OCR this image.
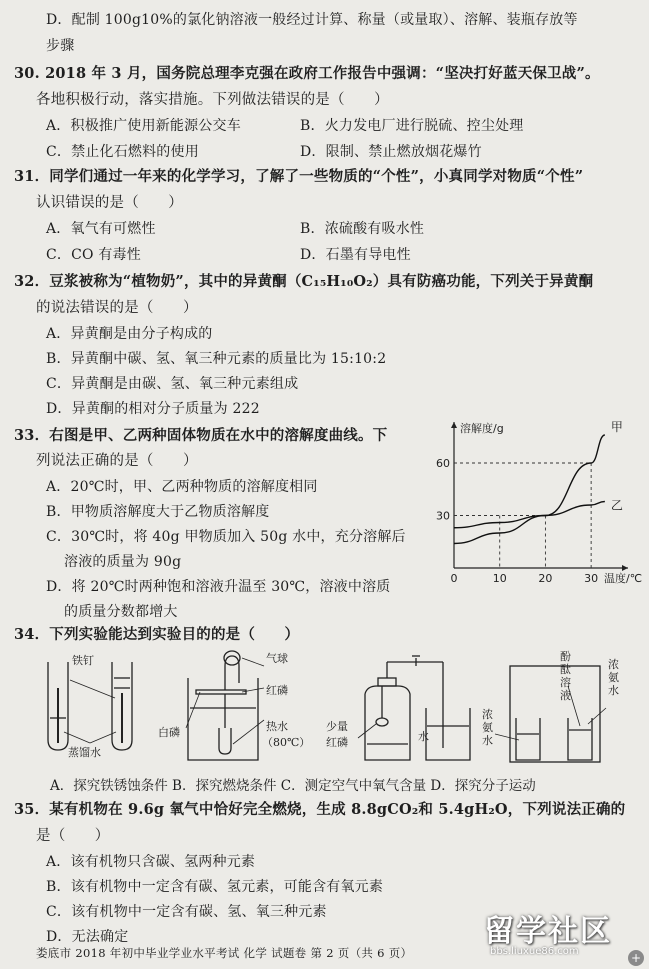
D．配制 100g10%的氯化钠溶液一般经过计算、称量（或量取）、溶解、装瓶存放等
步骤
30. 2018 年 3 月，国务院总理李克强在政府工作报告中强调：“坚决打好蓝天保卫战”。
各地积极行动，落实措施。下列做法错误的是（　　）
A．积极推广使用新能源公交车	B．火力发电厂进行脱硫、控尘处理
C．禁止化石燃料的使用	D．限制、禁止燃放烟花爆竹
31．同学们通过一年来的化学学习，了解了一些物质的“个性”，小真同学对物质“个性”
认识错误的是（　　）
A．氧气有可燃性	B．浓硫酸有吸水性
C．CO 有毒性	D．石墨有导电性
32．豆浆被称为“植物奶”，其中的异黄酮（C₁₅H₁₀O₂）具有防癌功能，下列关于异黄酮
的说法错误的是（　　）
A．异黄酮是由分子构成的
B．异黄酮中碳、氢、氧三种元素的质量比为 15:10:2
C．异黄酮是由碳、氢、氧三种元素组成
D．异黄酮的相对分子质量为 222
33．右图是甲、乙两种固体物质在水中的溶解度曲线。下
列说法正确的是（　　）
A．20℃时，甲、乙两种物质的溶解度相同
B．甲物质溶解度大于乙物质溶解度
C．30℃时，将 40g 甲物质加入 50g 水中，充分溶解后
溶液的质量为 90g
D．将 20℃时两种饱和溶液升温至 30℃，溶液中溶质
的质量分数都增大
甲
乙
0	10	20	30
30
60
溶解度/g
温度/℃
34．下列实验能达到实验目的的是（　　）
铁钉
蒸馏水
气球
红磷
白磷	热水
（80℃）
少量
红磷	水
酚酞溶液
浓氨水
浓氨水
A．探究铁锈蚀条件 B．探究燃烧条件 C．测定空气中氧气含量 D．探究分子运动
35．某有机物在 9.6g 氧气中恰好完全燃烧，生成 8.8gCO₂和 5.4gH₂O，下列说法正确的
是（　　）
A．该有机物只含碳、氢两种元素
B．该有机物中一定含有碳、氢元素，可能含有氧元素
C．该有机物中一定含有碳、氢、氧三种元素
D．无法确定
娄底市 2018 年初中毕业学业水平考试 化学 试题卷 第 2 页（共 6 页）
留学社区
bbs.liuxue86.com	+
